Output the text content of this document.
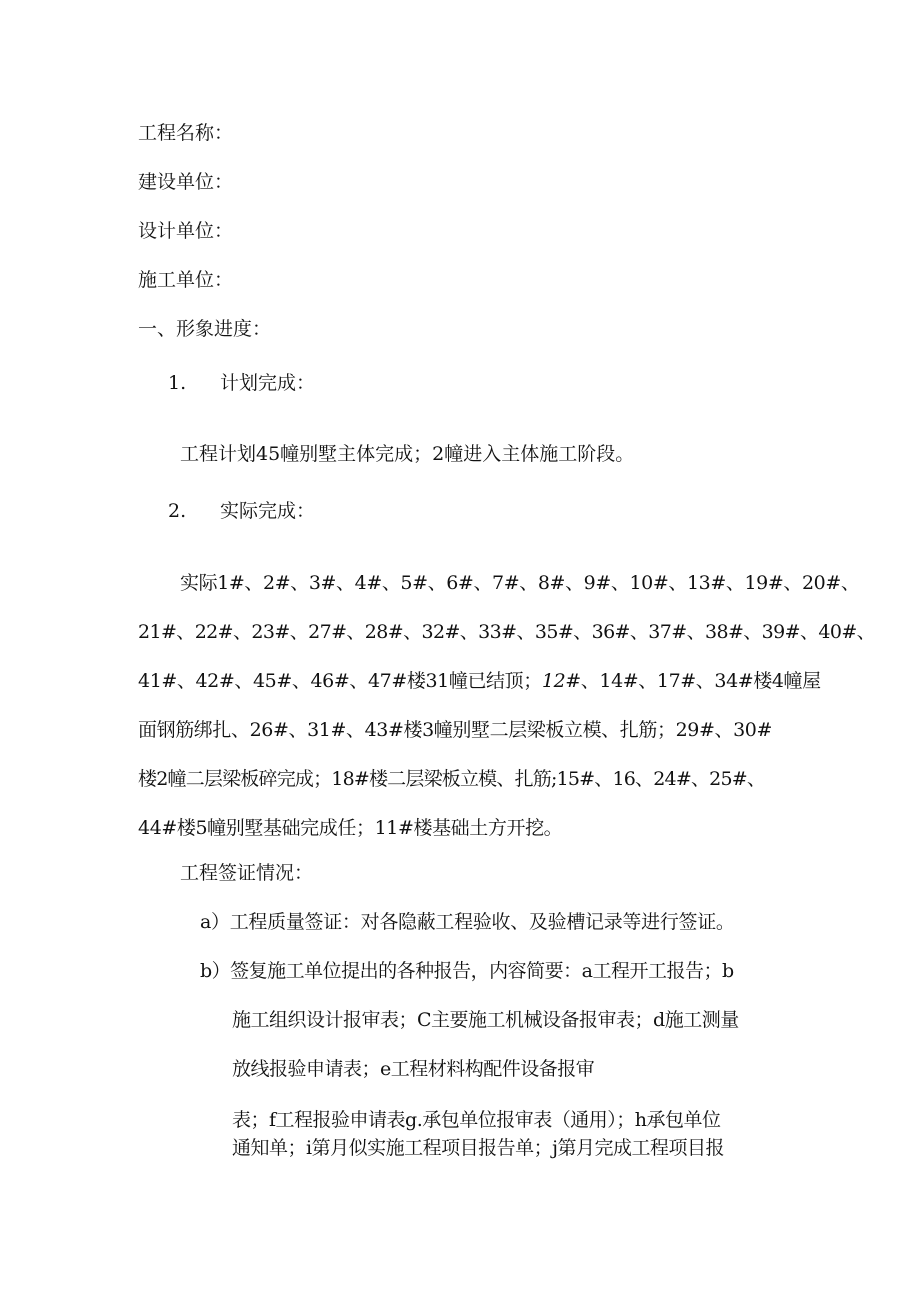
工程名称：
建设单位：
设计单位：
施工单位：
一、形象进度：
1. 计划完成：
工程计划45幢别墅主体完成；2幢进入主体施工阶段。
2. 实际完成：
实际1#、2#、3#、4#、5#、6#、7#、8#、9#、10#、13#、19#、20#、
21#、22#、23#、27#、28#、32#、33#、35#、36#、37#、38#、39#、40#、
41#、42#、45#、46#、47#楼31幢已结顶；12#、14#、17#、34#楼4幢屋
面钢筋绑扎、26#、31#、43#楼3幢别墅二层梁板立模、扎筋；29#、30#
楼2幢二层梁板碎完成；18#楼二层梁板立模、扎筋;15#、16、24#、25#、
44#楼5幢别墅基础完成任；11#楼基础土方开挖。
工程签证情况：
a）工程质量签证：对各隐蔽工程验收、及验槽记录等进行签证。
b）签复施工单位提出的各种报告，内容简要：a工程开工报告；b
施工组织设计报审表；C主要施工机械设备报审表；d施工测量
放线报验申请表；e工程材料构配件设备报审
表；f工程报验申请表g.承包单位报审表（通用）；h承包单位
通知单；i第月似实施工程项目报告单；j第月完成工程项目报
